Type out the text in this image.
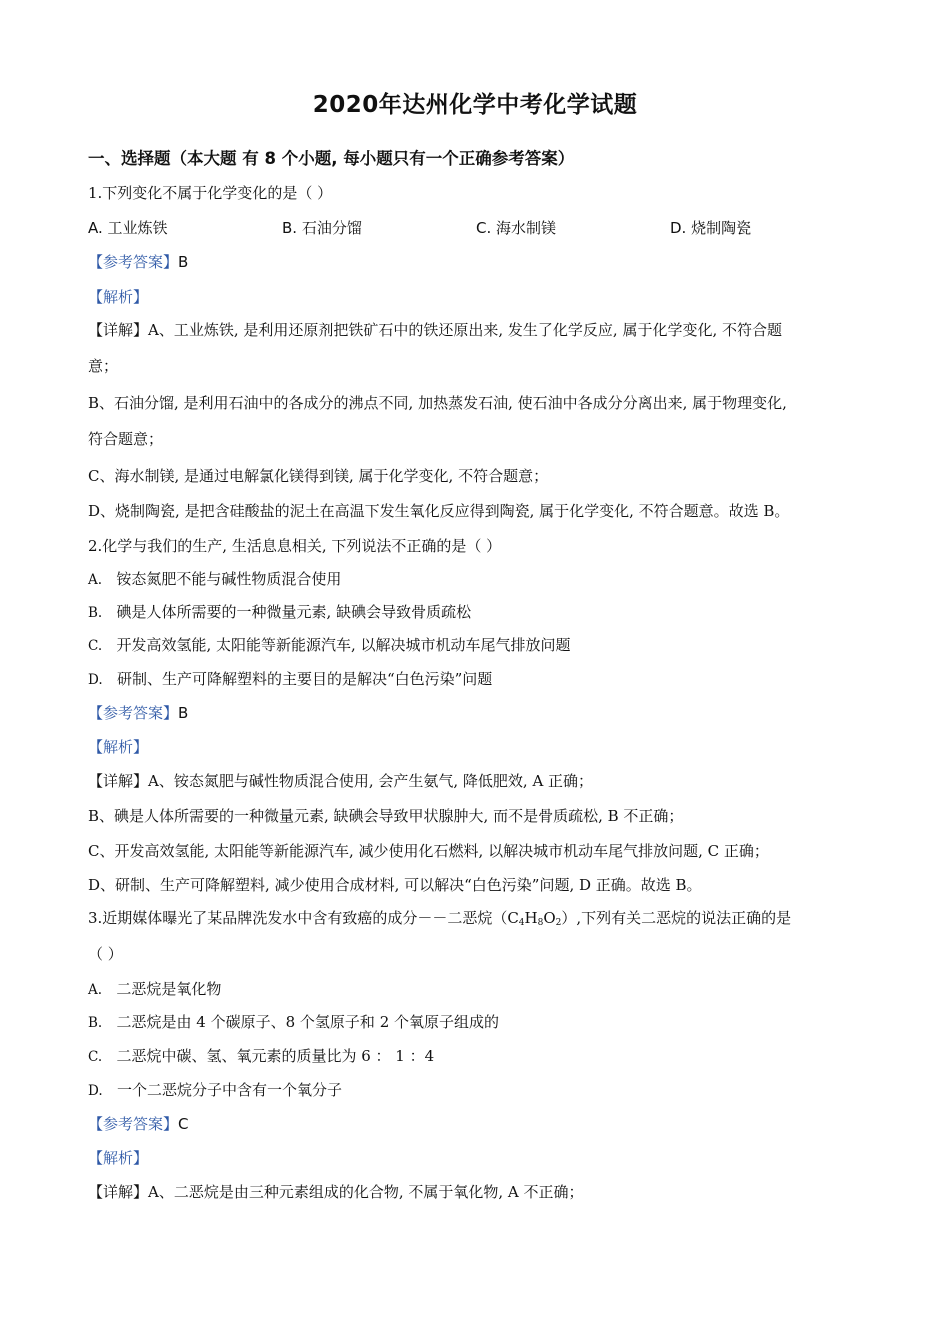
2020年达州化学中考化学试题
一、选择题（本大题 有 8 个小题, 每小题只有一个正确参考答案）
1.下列变化不属于化学变化的是（ ）
A. 工业炼铁	B. 石油分馏	C. 海水制镁	D. 烧制陶瓷
【参考答案】B
【解析】
【详解】A、工业炼铁, 是利用还原剂把铁矿石中的铁还原出来, 发生了化学反应, 属于化学变化, 不符合题
意；
B、石油分馏, 是利用石油中的各成分的沸点不同, 加热蒸发石油, 使石油中各成分分离出来, 属于物理变化,
符合题意；
C、海水制镁, 是通过电解氯化镁得到镁, 属于化学变化, 不符合题意；
D、烧制陶瓷, 是把含硅酸盐的泥土在高温下发生氧化反应得到陶瓷, 属于化学变化, 不符合题意。故选 B。
2.化学与我们的生产, 生活息息相关, 下列说法不正确的是（ ）
A. 铵态氮肥不能与碱性物质混合使用
B. 碘是人体所需要的一种微量元素, 缺碘会导致骨质疏松
C. 开发高效氢能, 太阳能等新能源汽车, 以解决城市机动车尾气排放问题
D. 研制、生产可降解塑料的主要目的是解决“白色污染”问题
【参考答案】B
【解析】
【详解】A、铵态氮肥与碱性物质混合使用, 会产生氨气, 降低肥效, A 正确；
B、碘是人体所需要的一种微量元素, 缺碘会导致甲状腺肿大, 而不是骨质疏松, B 不正确；
C、开发高效氢能, 太阳能等新能源汽车, 减少使用化石燃料, 以解决城市机动车尾气排放问题, C 正确；
D、研制、生产可降解塑料, 减少使用合成材料, 可以解决“白色污染”问题, D 正确。故选 B。
3.近期媒体曝光了某品牌洗发水中含有致癌的成分－－二恶烷$(C_4H_8O_2)$,下列有关二恶烷的说法正确的是
（ ）
A. 二恶烷是氧化物
B. 二恶烷是由 4 个碳原子、8 个氢原子和 2 个氧原子组成的
C. 二恶烷中碳、氢、氧元素的质量比为 6 ： 1 ：4
D. 一个二恶烷分子中含有一个氧分子
【参考答案】C
【解析】
【详解】A、二恶烷是由三种元素组成的化合物, 不属于氧化物, A 不正确；
